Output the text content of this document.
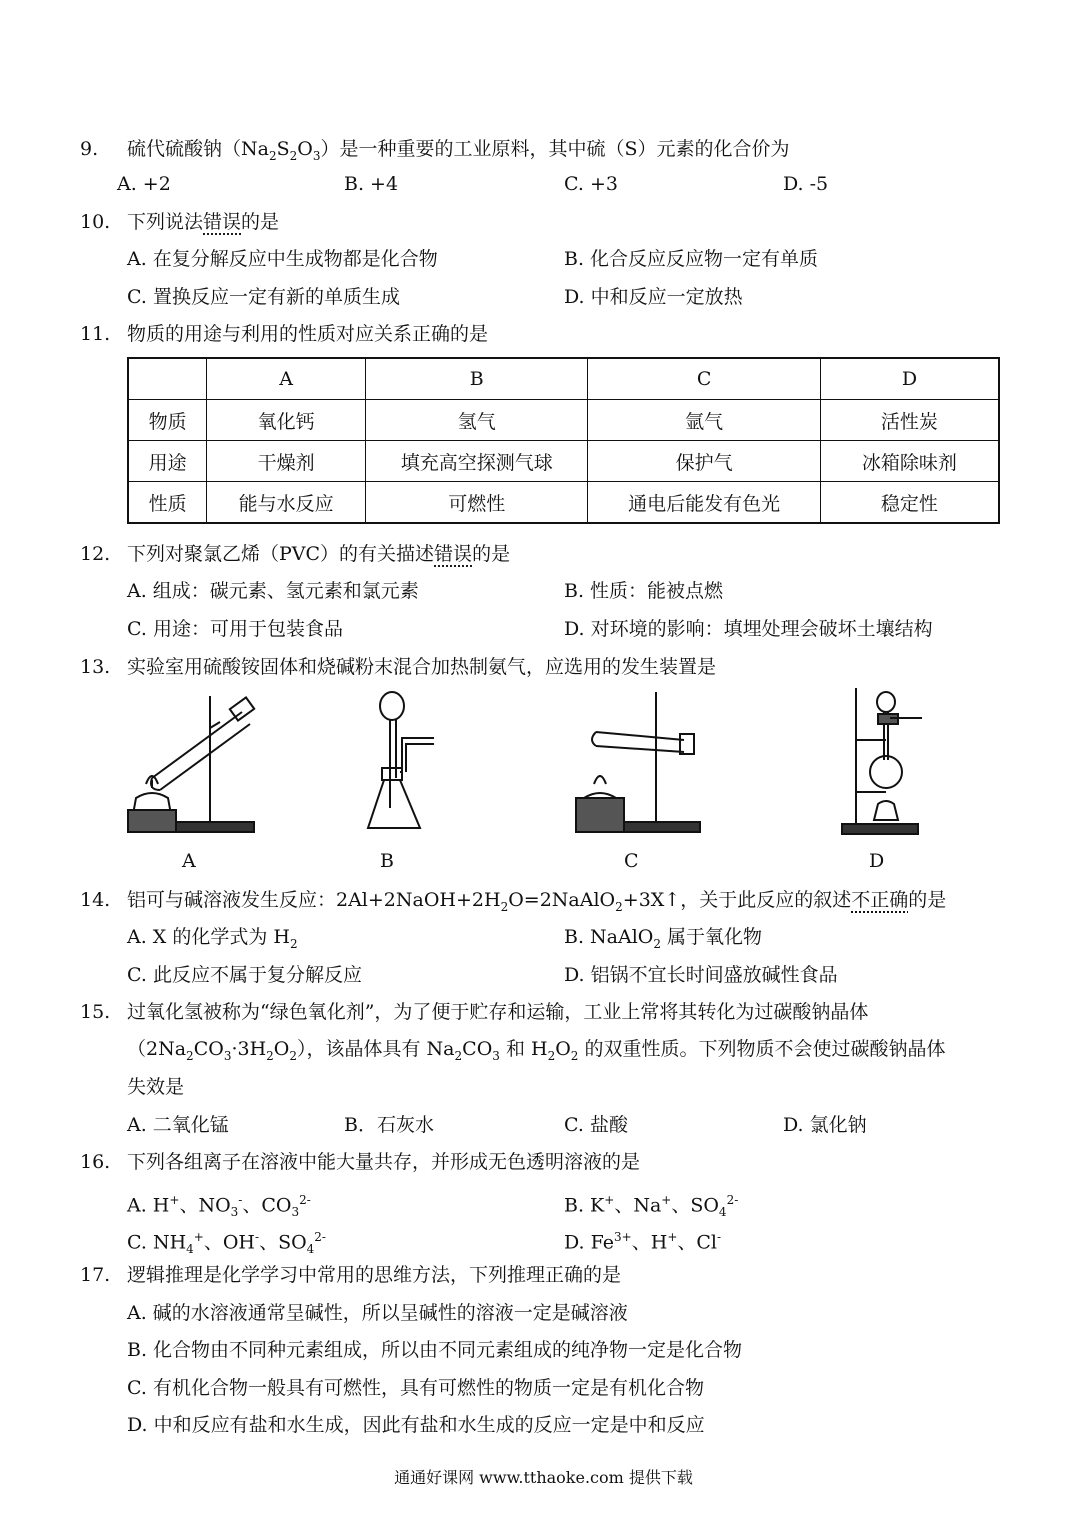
9. 硫代硫酸钠$(Na_2S_2O_3)$是一种重要的工业原料，其中硫（S）元素的化合价为
A. +2	B. +4	C. +3	D. -5
10. 下列说法错误的是
A. 在复分解反应中生成物都是化合物	B. 化合反应反应物一定有单质
C. 置换反应一定有新的单质生成	D. 中和反应一定放热
11. 物质的用途与利用的性质对应关系正确的是
	A	B	C	D
物质	氧化钙	氢气	氩气	活性炭
用途	干燥剂	填充高空探测气球	保护气	冰箱除味剂
性质	能与水反应	可燃性	通电后能发有色光	稳定性
12. 下列对聚氯乙烯（PVC）的有关描述错误的是
A. 组成：碳元素、氢元素和氯元素	B. 性质：能被点燃
C. 用途：可用于包装食品	D. 对环境的影响：填埋处理会破坏土壤结构
13. 实验室用硫酸铵固体和烧碱粉末混合加热制氨气，应选用的发生装置是
A	B	C	D
14. 铝可与碱溶液发生反应：$2Al+2NaOH+2H_2O=2NaAlO_2+3X↑$，关于此反应的叙述不正确的是
A. X 的化学式为 $H_2$	B. NaAlO$_2$ 属于氧化物
C. 此反应不属于复分解反应	D. 铝锅不宜长时间盛放碱性食品
15. 过氧化氢被称为“绿色氧化剂”，为了便于贮存和运输，工业上常将其转化为过碳酸钠晶体
$(2Na_2CO_3\cdot 3H_2O_2)$，该晶体具有 $Na_2CO_3$ 和 $H_2O_2$ 的双重性质。下列物质不会使过碳酸钠晶体
失效是
A. 二氧化锰	B．石灰水	C. 盐酸	D. 氯化钠
16. 下列各组离子在溶液中能大量共存，并形成无色透明溶液的是
A. H+、$NO_3^-$、$CO_3^{2-}$	B. K+、Na+、$SO_4^{2-}$
C. $NH_4^+$、OH-、$SO_4^{2-}$	D. $Fe^{3+}$、H+、Cl-
17. 逻辑推理是化学学习中常用的思维方法，下列推理正确的是
A. 碱的水溶液通常呈碱性，所以呈碱性的溶液一定是碱溶液
B. 化合物由不同种元素组成，所以由不同元素组成的纯净物一定是化合物
C. 有机化合物一般具有可燃性，具有可燃性的物质一定是有机化合物
D. 中和反应有盐和水生成，因此有盐和水生成的反应一定是中和反应
通通好课网 www.tthaoke.com 提供下载
